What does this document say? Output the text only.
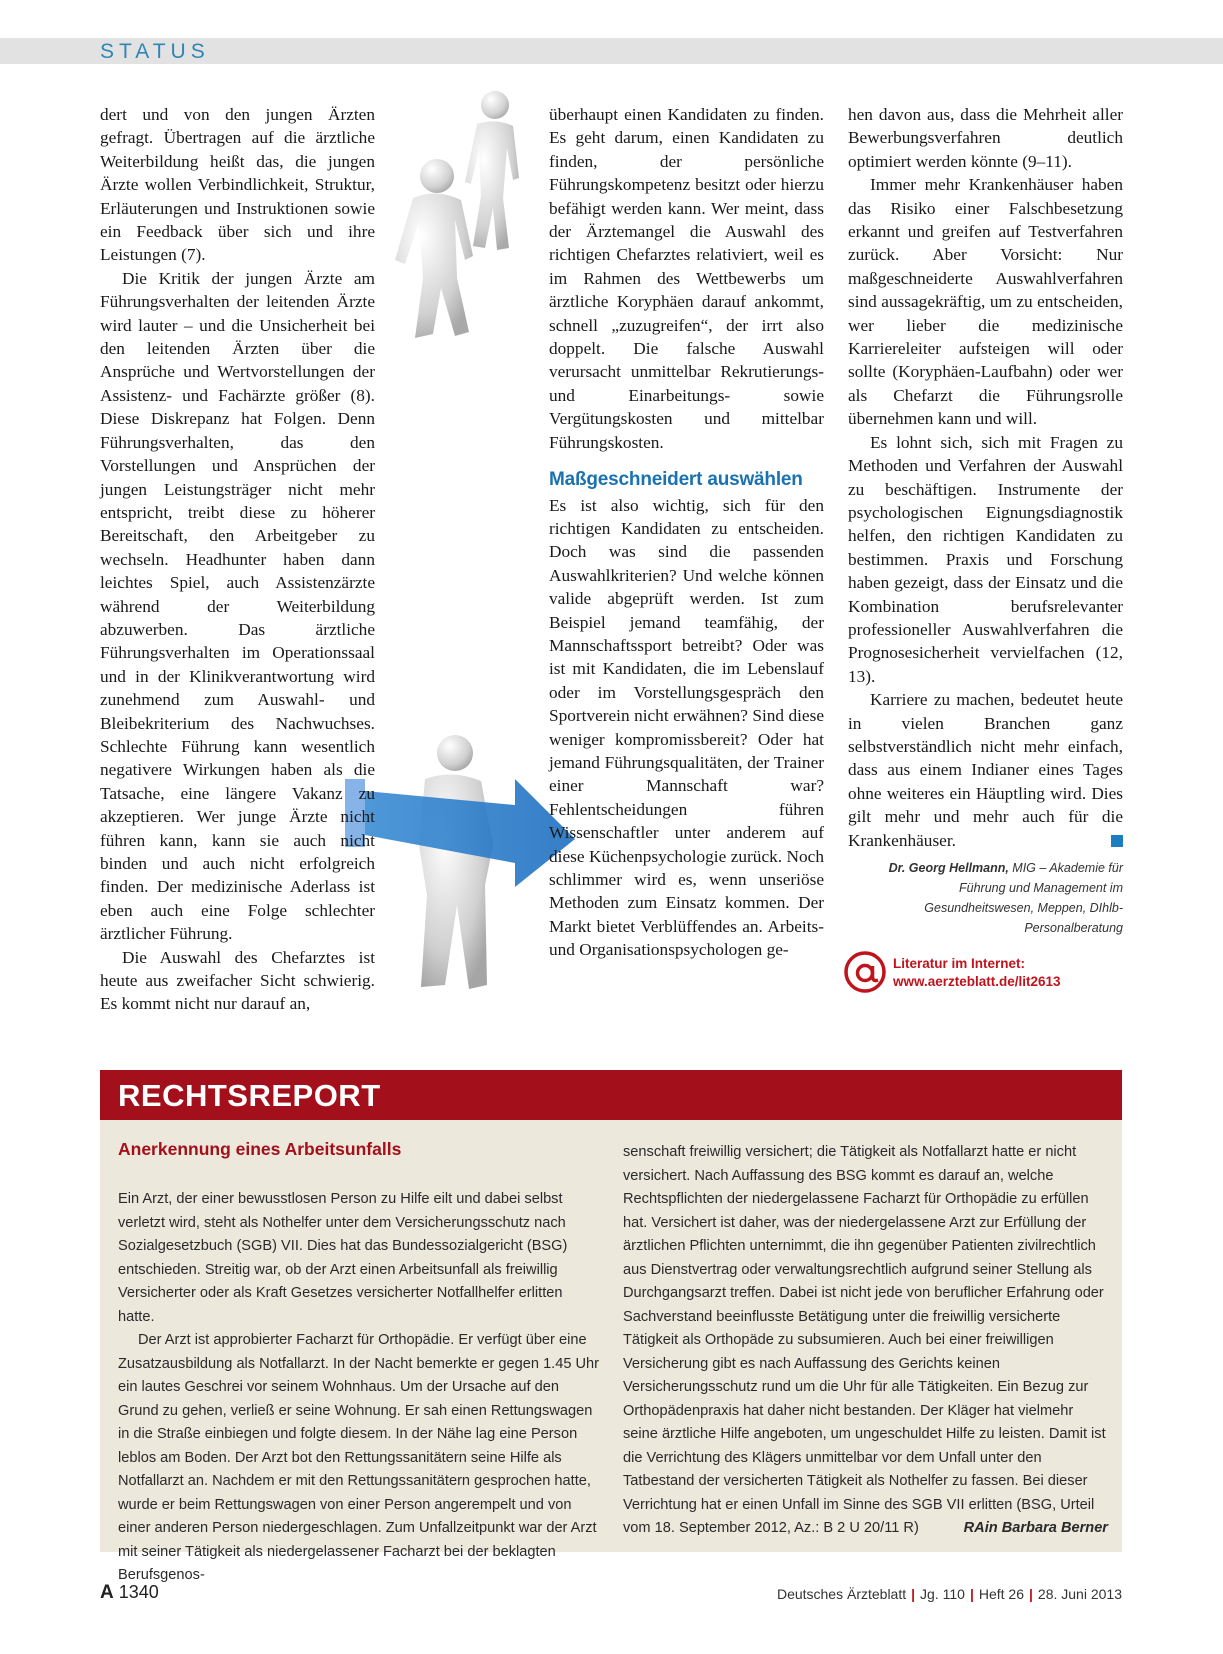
STATUS

dert und von den jungen Ärzten gefragt. Übertragen auf die ärztliche Weiterbildung heißt das, die jungen Ärzte wollen Verbindlichkeit, Struktur, Erläuterungen und Instruktionen sowie ein Feedback über sich und ihre Leistungen (7).

Die Kritik der jungen Ärzte am Führungsverhalten der leitenden Ärzte wird lauter – und die Unsicherheit bei den leitenden Ärzten über die Ansprüche und Wertvorstellungen der Assistenz- und Fachärzte größer (8). Diese Diskrepanz hat Folgen. Denn Führungsverhalten, das den Vorstellungen und Ansprüchen der jungen Leistungsträger nicht mehr entspricht, treibt diese zu höherer Bereitschaft, den Arbeitgeber zu wechseln. Headhunter haben dann leichtes Spiel, auch Assistenzärzte während der Weiterbildung abzuwerben. Das ärztliche Führungsverhalten im Operationssaal und in der Klinikverantwortung wird zunehmend zum Auswahl- und Bleibekriterium des Nachwuchses. Schlechte Führung kann wesentlich negativere Wirkungen haben als die Tatsache, eine längere Vakanz zu akzeptieren. Wer junge Ärzte nicht führen kann, kann sie auch nicht binden und auch nicht erfolgreich finden. Der medizinische Aderlass ist eben auch eine Folge schlechter ärztlicher Führung.

Die Auswahl des Chefarztes ist heute aus zweifacher Sicht schwierig. Es kommt nicht nur darauf an,

überhaupt einen Kandidaten zu finden. Es geht darum, einen Kandidaten zu finden, der persönliche Führungskompetenz besitzt oder hierzu befähigt werden kann. Wer meint, dass der Ärztemangel die Auswahl des richtigen Chefarztes relativiert, weil es im Rahmen des Wettbewerbs um ärztliche Koryphäen darauf ankommt, schnell „zuzugreifen“, der irrt also doppelt. Die falsche Auswahl verursacht unmittelbar Rekrutierungs- und Einarbeitungs- sowie Vergütungskosten und mittelbar Führungskosten.

Maßgeschneidert auswählen

Es ist also wichtig, sich für den richtigen Kandidaten zu entscheiden. Doch was sind die passenden Auswahlkriterien? Und welche können valide abgeprüft werden. Ist zum Beispiel jemand teamfähig, der Mannschaftssport betreibt? Oder was ist mit Kandidaten, die im Lebenslauf oder im Vorstellungsgespräch den Sportverein nicht erwähnen? Sind diese weniger kompromissbereit? Oder hat jemand Führungsqualitäten, der Trainer einer Mannschaft war? Fehlentscheidungen führen Wissenschaftler unter anderem auf diese Küchenpsychologie zurück. Noch schlimmer wird es, wenn unseriöse Methoden zum Einsatz kommen. Der Markt bietet Verblüffendes an. Arbeits- und Organisationspsychologen ge-

hen davon aus, dass die Mehrheit aller Bewerbungsverfahren deutlich optimiert werden könnte (9–11).

Immer mehr Krankenhäuser haben das Risiko einer Falschbesetzung erkannt und greifen auf Testverfahren zurück. Aber Vorsicht: Nur maßgeschneiderte Auswahlverfahren sind aussagekräftig, um zu entscheiden, wer lieber die medizinische Karriereleiter aufsteigen will oder sollte (Koryphäen-Laufbahn) oder wer als Chefarzt die Führungsrolle übernehmen kann und will.

Es lohnt sich, sich mit Fragen zu Methoden und Verfahren der Auswahl zu beschäftigen. Instrumente der psychologischen Eignungsdiagnostik helfen, den richtigen Kandidaten zu bestimmen. Praxis und Forschung haben gezeigt, dass der Einsatz und die Kombination berufsrelevanter professioneller Auswahlverfahren die Prognosesicherheit vervielfachen (12, 13).

Karriere zu machen, bedeutet heute in vielen Branchen ganz selbstverständlich nicht mehr einfach, dass aus einem Indianer eines Tages ohne weiteres ein Häuptling wird. Dies gilt mehr und mehr auch für die Krankenhäuser.

Dr. Georg Hellmann, MIG – Akademie für Führung und Management im Gesundheitswesen, Meppen, DIhlb-Personalberatung
Literatur im Internet:
www.aerzteblatt.de/lit2613
RECHTSREPORT
Anerkennung eines Arbeitsunfalls

Ein Arzt, der einer bewusstlosen Person zu Hilfe eilt und dabei selbst verletzt wird, steht als Nothelfer unter dem Versicherungsschutz nach Sozialgesetzbuch (SGB) VII. Dies hat das Bundessozialgericht (BSG) entschieden. Streitig war, ob der Arzt einen Arbeitsunfall als freiwillig Versicherter oder als Kraft Gesetzes versicherter Notfallhelfer erlitten hatte.

Der Arzt ist approbierter Facharzt für Orthopädie. Er verfügt über eine Zusatzausbildung als Notfallarzt. In der Nacht bemerkte er gegen 1.45 Uhr ein lautes Geschrei vor seinem Wohnhaus. Um der Ursache auf den Grund zu gehen, verließ er seine Wohnung. Er sah einen Rettungswagen in die Straße einbiegen und folgte diesem. In der Nähe lag eine Person leblos am Boden. Der Arzt bot den Rettungssanitätern seine Hilfe als Notfallarzt an. Nachdem er mit den Rettungssanitätern gesprochen hatte, wurde er beim Rettungswagen von einer Person angerempelt und von einer anderen Person niedergeschlagen. Zum Unfallzeitpunkt war der Arzt mit seiner Tätigkeit als niedergelassener Facharzt bei der beklagten Berufsgenos-

senschaft freiwillig versichert; die Tätigkeit als Notfallarzt hatte er nicht versichert. Nach Auffassung des BSG kommt es darauf an, welche Rechtspflichten der niedergelassene Facharzt für Orthopädie zu erfüllen hat. Versichert ist daher, was der niedergelassene Arzt zur Erfüllung der ärztlichen Pflichten unternimmt, die ihn gegenüber Patienten zivilrechtlich aus Dienstvertrag oder verwaltungsrechtlich aufgrund seiner Stellung als Durchgangsarzt treffen. Dabei ist nicht jede von beruflicher Erfahrung oder Sachverstand beeinflusste Betätigung unter die freiwillig versicherte Tätigkeit als Orthopäde zu subsumieren. Auch bei einer freiwilligen Versicherung gibt es nach Auffassung des Gerichts keinen Versicherungsschutz rund um die Uhr für alle Tätigkeiten. Ein Bezug zur Orthopädenpraxis hat daher nicht bestanden. Der Kläger hat vielmehr seine ärztliche Hilfe angeboten, um ungeschuldet Hilfe zu leisten. Damit ist die Verrichtung des Klägers unmittelbar vor dem Unfall unter den Tatbestand der versicherten Tätigkeit als Nothelfer zu fassen. Bei dieser Verrichtung hat er einen Unfall im Sinne des SGB VII erlitten (BSG, Urteil vom 18. September 2012, Az.: B 2 U 20/11 R)	RAin Barbara Berner

A 1340	Deutsches Ärzteblatt | Jg. 110 | Heft 26 | 28. Juni 2013
